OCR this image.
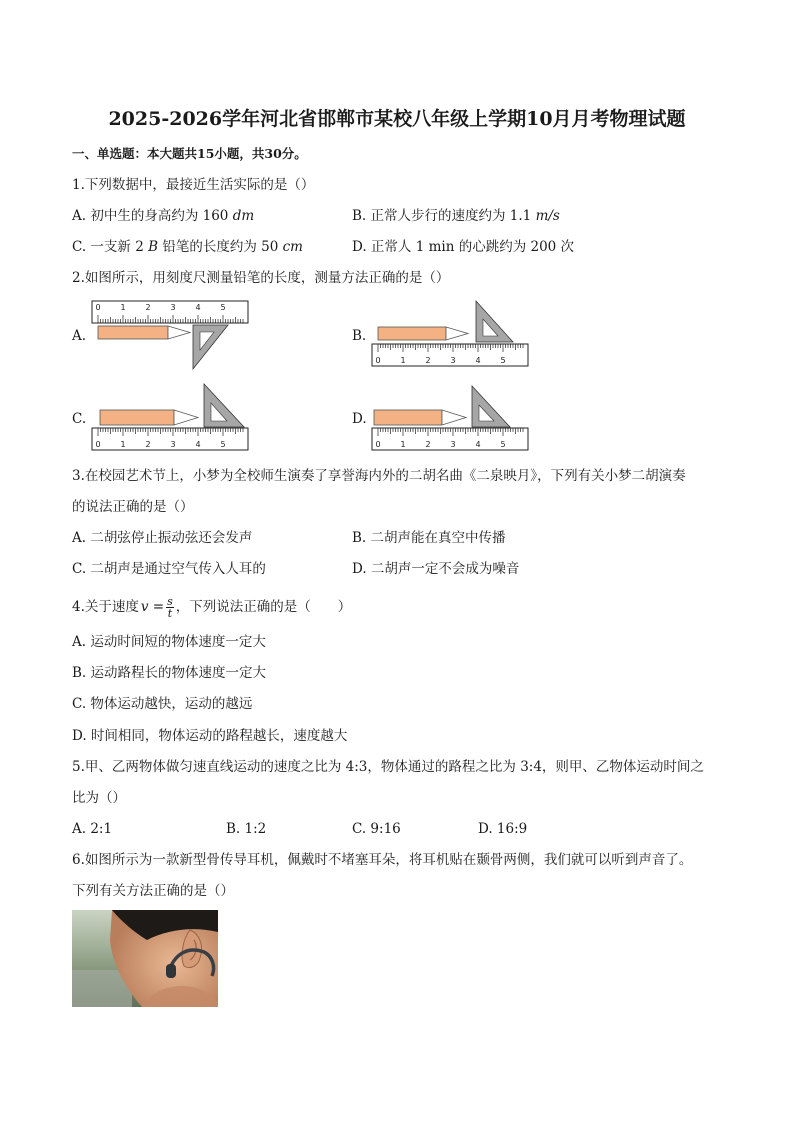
2025-2026学年河北省邯郸市某校八年级上学期10月月考物理试题
一、单选题：本大题共15小题，共30分。
1.下列数据中，最接近生活实际的是（）
A. 初中生的身高约为 160 dm	B. 正常人步行的速度约为 1.1 m/s
C. 一支新 2 B 铅笔的长度约为 50 cm	D. 正常人 1 min 的心跳约为 200 次
2.如图所示，用刻度尺测量铅笔的长度，测量方法正确的是（）
A.
0 1 2 3 4 5
B.
0 1 2 3 4 5
C.
0 1 2 3 4 5
D.
0 1 2 3 4 5
3.在校园艺术节上，小梦为全校师生演奏了享誉海内外的二胡名曲《二泉映月》，下列有关小梦二胡演奏
的说法正确的是（）
A. 二胡弦停止振动弦还会发声	B. 二胡声能在真空中传播
C. 二胡声是通过空气传入人耳的	D. 二胡声一定不会成为噪音
4.关于速度 $v = \frac{s}{t}$ ，下列说法正确的是（　　）
A. 运动时间短的物体速度一定大
B. 运动路程长的物体速度一定大
C. 物体运动越快，运动的越远
D. 时间相同，物体运动的路程越长，速度越大
5.甲、乙两物体做匀速直线运动的速度之比为 4:3，物体通过的路程之比为 3:4，则甲、乙物体运动时间之
比为（）
A. 2:1	B. 1:2	C. 9:16	D. 16:9
6.如图所示为一款新型骨传导耳机，佩戴时不堵塞耳朵，将耳机贴在颞骨两侧，我们就可以听到声音了。
下列有关方法正确的是（）
